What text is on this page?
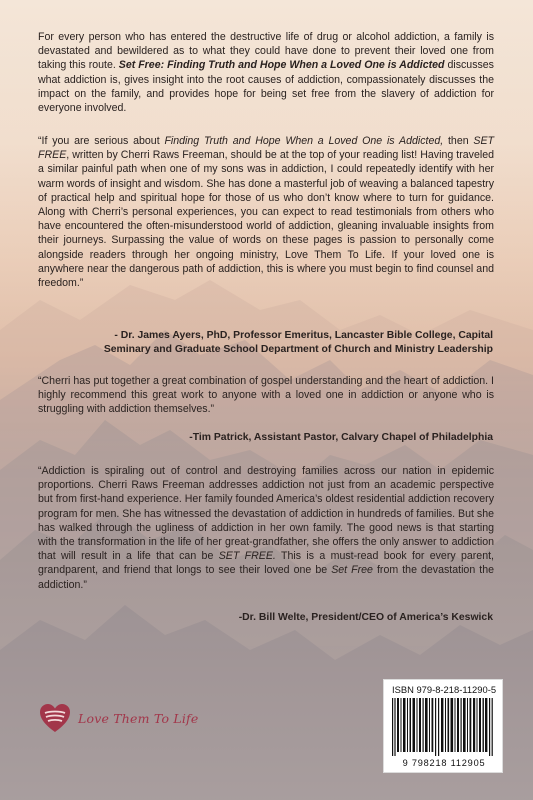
For every person who has entered the destructive life of drug or alcohol addiction, a family is devastated and bewildered as to what they could have done to prevent their loved one from taking this route. Set Free: Finding Truth and Hope When a Loved One is Addicted discusses what addiction is, gives insight into the root causes of addiction, compassionately discusses the impact on the family, and provides hope for being set free from the slavery of addiction for everyone involved.

“If you are serious about Finding Truth and Hope When a Loved One is Addicted, then SET FREE, written by Cherri Raws Freeman, should be at the top of your reading list! Having traveled a similar painful path when one of my sons was in addiction, I could repeatedly identify with her warm words of insight and wisdom. She has done a masterful job of weaving a balanced tapestry of practical help and spiritual hope for those of us who don’t know where to turn for guidance. Along with Cherri’s personal experiences, you can expect to read testimonials from others who have encountered the often-misunderstood world of addiction, gleaning invaluable insights from their journeys. Surpassing the value of words on these pages is passion to personally come alongside readers through her ongoing ministry, Love Them To Life. If your loved one is anywhere near the dangerous path of addiction, this is where you must begin to find counsel and freedom.”

- Dr. James Ayers, PhD, Professor Emeritus, Lancaster Bible College, Capital

Seminary and Graduate School Department of Church and Ministry Leadership

“Cherri has put together a great combination of gospel understanding and the heart of addiction. I highly recommend this great work to anyone with a loved one in addiction or anyone who is struggling with addiction themselves.”

-Tim Patrick, Assistant Pastor, Calvary Chapel of Philadelphia

“Addiction is spiraling out of control and destroying families across our nation in epidemic proportions. Cherri Raws Freeman addresses addiction not just from an academic perspective but from first-hand experience. Her family founded America’s oldest residential addiction recovery program for men. She has witnessed the devastation of addiction in hundreds of families. But she has walked through the ugliness of addiction in her own family. The good news is that starting with the transformation in the life of her great-grandfather, she offers the only answer to addiction that will result in a life that can be SET FREE. This is a must-read book for every parent, grandparent, and friend that longs to see their loved one be Set Free from the devastation the addiction.”

-Dr. Bill Welte, President/CEO of America’s Keswick

Love Them To Life
ISBN 979-8-218-11290-5
9 798218 112905
